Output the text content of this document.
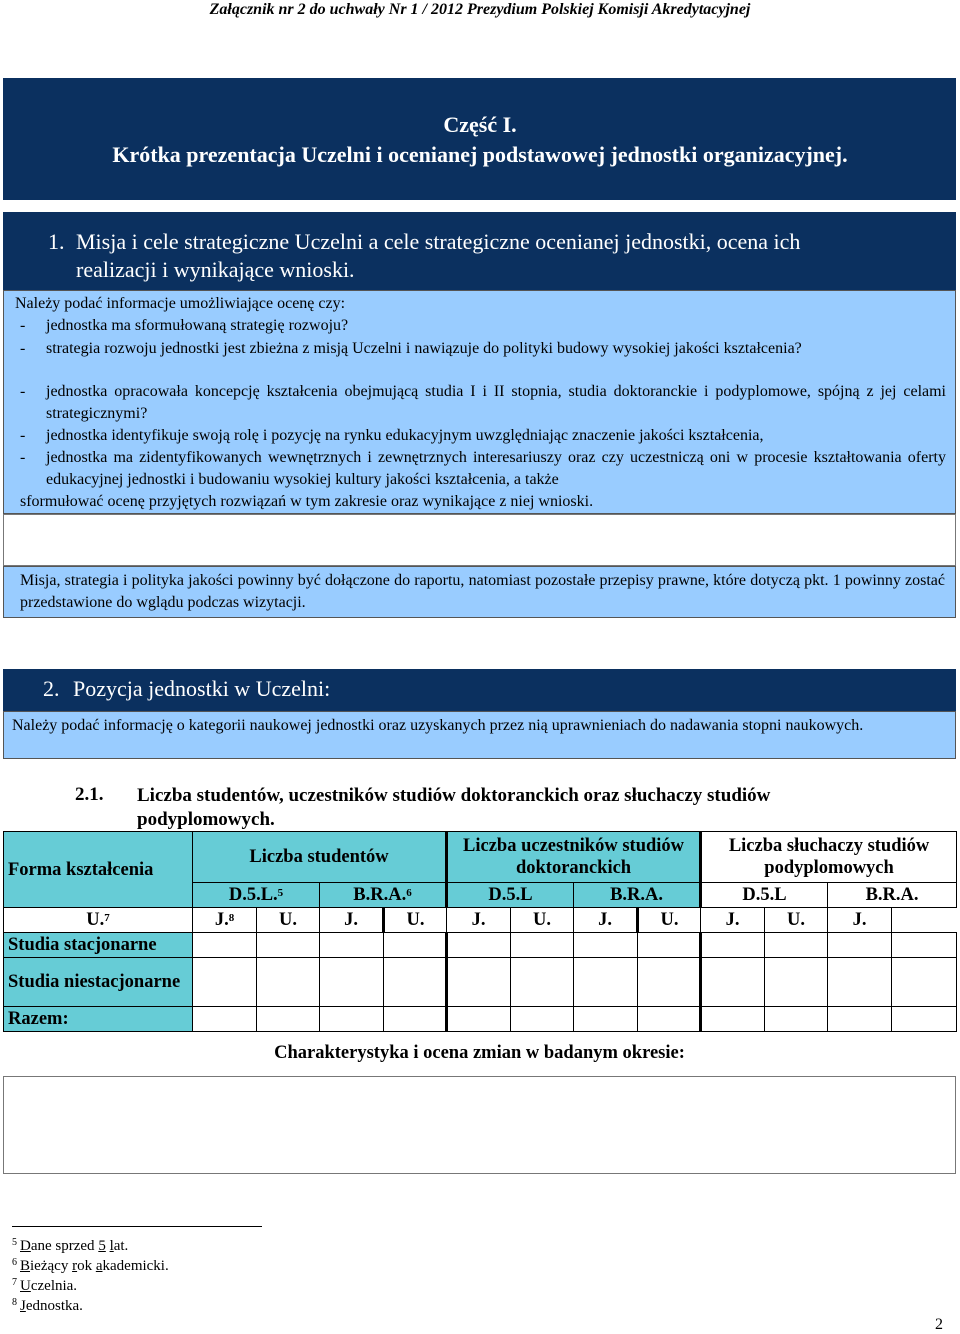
Załącznik nr 2 do uchwały Nr 1 / 2012 Prezydium Polskiej Komisji Akredytacyjnej
Część I.
Krótka prezentacja Uczelni i ocenianej podstawowej jednostki organizacyjnej.
1. Misja i cele strategiczne Uczelni a cele strategiczne ocenianej jednostki, ocena ich
realizacji i wynikające wnioski.
Należy podać informacje umożliwiające ocenę czy:
- jednostka ma sformułowaną strategię rozwoju?
- strategia rozwoju jednostki jest zbieżna z misją Uczelni i nawiązuje do polityki budowy wysokiej jakości kształcenia?
- jednostka opracowała koncepcję kształcenia obejmującą studia I i II stopnia, studia doktoranckie i podyplomowe, spójną z jej celami strategicznymi?
- jednostka identyfikuje swoją rolę i pozycję na rynku edukacyjnym uwzględniając znaczenie jakości kształcenia,
- jednostka ma zidentyfikowanych wewnętrznych i zewnętrznych interesariuszy oraz czy uczestniczą oni w procesie kształtowania oferty edukacyjnej jednostki i budowaniu wysokiej kultury jakości kształcenia, a także
sformułować ocenę przyjętych rozwiązań w tym zakresie oraz wynikające z niej wnioski.
Misja, strategia i polityka jakości powinny być dołączone do raportu, natomiast pozostałe przepisy prawne, które dotyczą pkt. 1 powinny zostać przedstawione do wglądu podczas wizytacji.
2. Pozycja jednostki w Uczelni:
Należy podać informację o kategorii naukowej jednostki oraz uzyskanych przez nią uprawnieniach do nadawania stopni naukowych.
2.1. Liczba studentów, uczestników studiów doktoranckich oraz słuchaczy studiów podyplomowych.
Forma kształcenia	Liczba studentów				Liczba uczestników studiów doktoranckich				Liczba słuchaczy studiów podyplomowych			
	D.5.L.$^5$		B.R.A.$^6$		D.5.L		B.R.A.		D.5.L		B.R.A.	
U.$^7$	J.$^8$	U.	J.	U.	J.	U.	J.	U.	J.	U.	J.	
Studia stacjonarne												
Studia niestacjonarne												
Razem:												
Charakterystyka i ocena zmian w badanym okresie:
$^5$ Dane sprzed 5 lat.
$^6$ Bieżący rok akademicki.
$^7$ Uczelnia.
$^8$ Jednostka.
2
